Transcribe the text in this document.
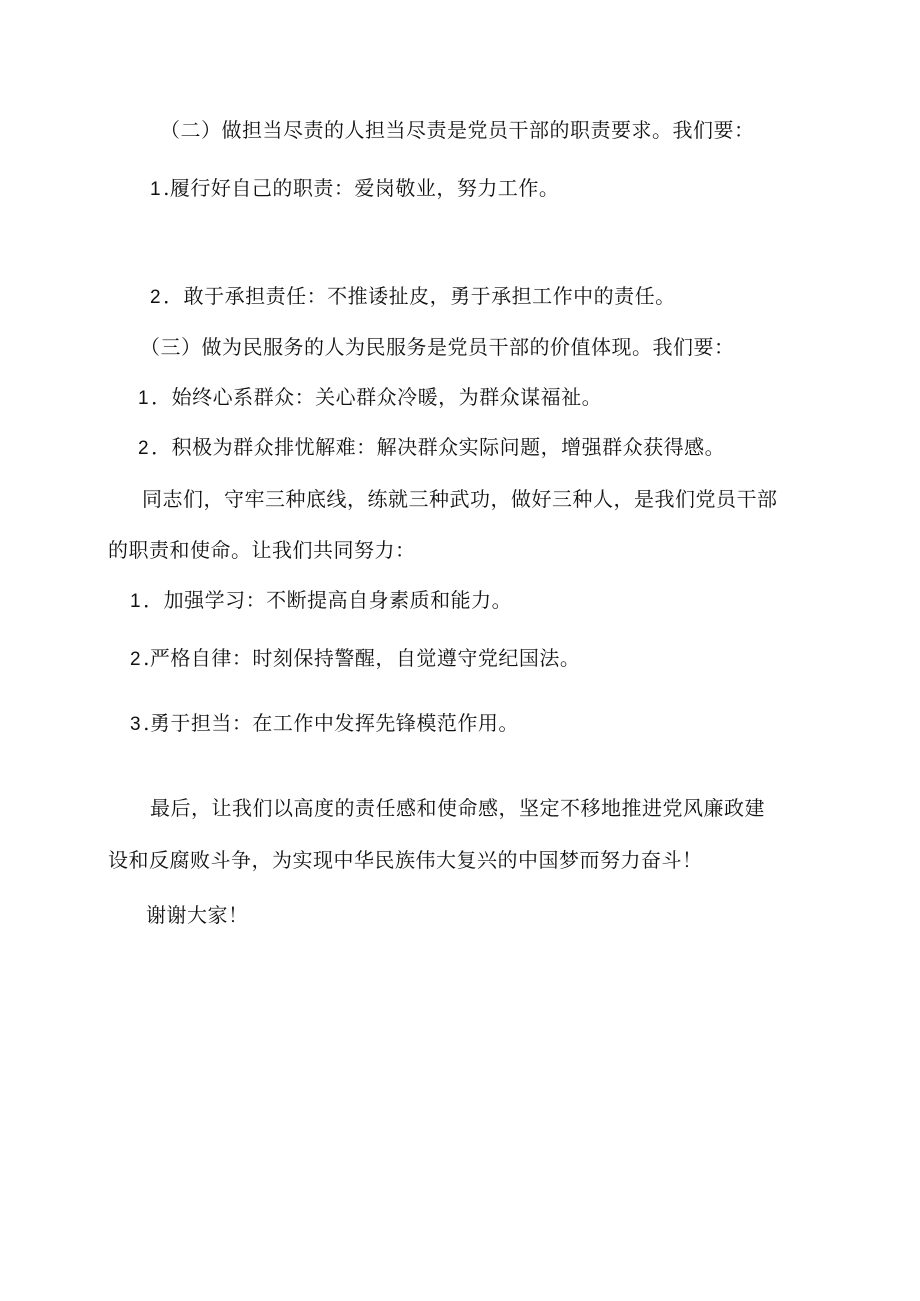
（二）做担当尽责的人担当尽责是党员干部的职责要求。我们要：
1 .履行好自己的职责：爱岗敬业，努力工作。
2 ．敢于承担责任：不推诿扯皮，勇于承担工作中的责任。
（三）做为民服务的人为民服务是党员干部的价值体现。我们要：
1 ．始终心系群众：关心群众冷暖，为群众谋福祉。
2 ．积极为群众排忧解难：解决群众实际问题，增强群众获得感。
同志们，守牢三种底线，练就三种武功，做好三种人，是我们党员干部
的职责和使命。让我们共同努力：
1 ．加强学习：不断提高自身素质和能力。
2 .严格自律：时刻保持警醒，自觉遵守党纪国法。
3 .勇于担当：在工作中发挥先锋模范作用。
最后，让我们以高度的责任感和使命感，坚定不移地推进党风廉政建
设和反腐败斗争，为实现中华民族伟大复兴的中国梦而努力奋斗！
谢谢大家！
